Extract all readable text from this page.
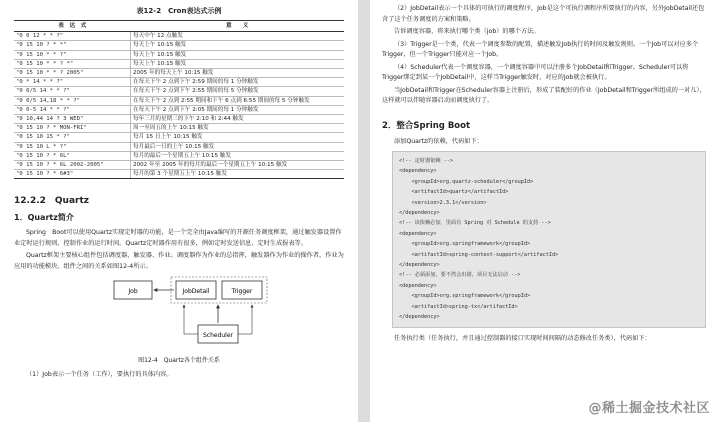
表12-2　Cron表达式示例
表　达　式	意　　义
"0 0 12 * * ?"	每天中午 12 点触发
"0 15 10 ? * *"	每天上午 10:15 触发
"0 15 10 * * ?"	每天上午 10:15 触发
"0 15 10 * * ? *"	每天上午 10:15 触发
"0 15 10 * * ? 2005"	2005 年的每天上午 10:15 触发
"0 * 14 * * ?"	在每天下午 2 点到下午 2:59 期间的每 1 分钟触发
"0 0/5 14 * * ?"	在每天下午 2 点到下午 2:55 期间的每 5 分钟触发
"0 0/5 14,18 * * ?"	在每天下午 2 点到 2:55 期间和下午 6 点到 6:55 期间的每 5 分钟触发
"0 0-5 14 * * ?"	在每天下午 2 点到下午 2:05 期间的每 1 分钟触发
"0 10,44 14 ? 3 WED"	每年三月的星期三的下午 2:10 和 2:44 触发
"0 15 10 ? * MON-FRI"	周一至周五的上午 10:15 触发
"0 15 10 15 * ?"	每月 15 日上午 10:15 触发
"0 15 10 L * ?"	每月最后一日的上午 10:15 触发
"0 15 10 ? * 6L"	每月的最后一个星期五上午 10:15 触发
"0 15 10 ? * 6L 2002-2005"	2002 年至 2005 年的每月的最后一个星期五上午 10:15 触发
"0 15 10 ? * 6#3"	每月的第 3 个星期五上午 10:15 触发
12.2.2　Quartz
1．Quartz简介

Spring　Boot可以使用Quartz实现定时器的功能，是一个完全由Java编写的开源任务调度框架，通过触发器设置作业定时运行规则、控制作业的运行时间。Quartz定时器作用有很多，例如定时发送信息、定时生成报表等。

Quartz框架主要核心组件包括调度器、触发器、作业。调度器作为作业的总指挥，触发器作为作业的操作者，作业为应用的功能模块。组件之间的关系如图12-4所示。

Job	JobDetail	Trigger
Scheduler
图12-4　Quartz各个组件关系

（1）Job表示一个任务（工作），要执行的具体内容。

（2）JobDetail表示一个具体的可执行的调度程序，Job是这个可执行调程序所要执行的内容，另外JobDetail还包含了这个任务调度的方案和策略。

告诉调度容器，将来执行哪个类（job）的哪个方法。

（3）Trigger是一个类，代表一个调度参数的配置，描述触发Job执行的时间及触发规则。一个Job可以对应多个Trigger，但一个Trigger只能对应一个Job。

（4）Scheduler代表一个调度容器，一个调度容器中可以注册多个JobDetail和Trigger。Scheduler可以将Trigger绑定到某一个JobDetail中，这样当Trigger触发时，对应的Job就会被执行。

当JobDetail和Trigger在Scheduler容器上注册后，形成了装配好的作业（JobDetail和Trigger所组成的一对儿），这样就可以伴随容器启动而调度执行了。

2．整合Spring Boot

添加Quartz的依赖，代码如下：

<!-- 定时器依赖 -->
<dependency>
<groupId>org.quartz-scheduler</groupId>
<artifactId>quartz</artifactId>
<version>2.3.1</version>
</dependency>
<!-- 该依赖必加，里面有 Spring 对 Schedule 的支持 -->
<dependency>
<groupId>org.springframework</groupId>
<artifactId>spring-context-support</artifactId>
</dependency>
<!-- 必须添加，要不然会出错，项目无法启动 -->
<dependency>
<groupId>org.springframework</groupId>
<artifactId>spring-tx</artifactId>
</dependency>

任务执行类（任务执行，并且通过控制器的接口实现时间间隔的动态修改任务类），代码如下：

@稀土掘金技术社区
